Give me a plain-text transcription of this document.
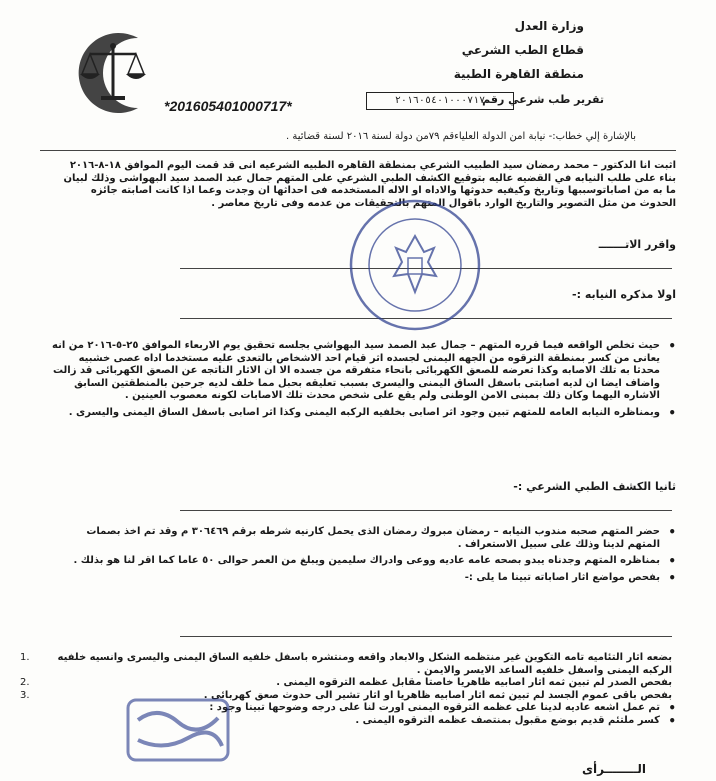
وزارة العدل
قطاع الطب الشرعي
منطقة القاهرة الطبية
٢٠١٦٠٥٤٠١٠٠٠٧١٧
تقرير طب شرعي رقم
*201605401000717*
بالإشارة إلي خطاب:- نيابة امن الدولة العلياءقم ٧٩من دولة لسنة ٢٠١٦ لسنة قضائية .
اثبت انا الدكتور – محمد رمضان سيد الطبيب الشرعي بمنطقة القاهره الطبيه الشرعيه انى قد قمت اليوم الموافق ١٨-٨-٢٠١٦ بناء على طلب النيابه في القضيه عاليه بتوقيع الكشف الطبي الشرعي على المتهم جمال عبد الصمد سيد البهواشى وذلك لبيان ما به من اصاباتوسببها وتاريخ وكيفيه حدوثها والاداه او الاله المستخدمه فى احداثها ان وجدت وعما اذا كانت اصابته جائزه الحدوث من مثل التصوير والتاريخ الوارد باقوال المتهم بالتحقيقات من عدمه وفى تاريخ معاصر .
واقرر الاتـــــــ
اولا مذكره النيابه :-
• حيث تخلص الواقعه فيما قرره المتهم – جمال عبد الصمد سيد البهواشي بجلسه تحقيق يوم الاربعاء الموافق ٢٥-٥-٢٠١٦ من انه يعانى من كسر بمنطقة الترقوه من الجهه اليمنى لجسده اثر قيام احد الاشخاص بالتعدى عليه مستخدما اداه عصى خشبيه محدثا به تلك الاصابه وكذا تعرضه للصعق الكهربائى بانحاء متفرقه من جسده الا ان الاثار الناتجه عن الصعق الكهربائى قد زالت واضاف ايضا ان لديه اصابتى باسفل الساق اليمنى واليسرى بسبب تعليقه بحبل مما خلف لديه جرحين بالمنطقتين السابق الاشاره اليهما وكان ذلك بمبنى الامن الوطنى ولم يقع على شخص محدث تلك الاصابات لكونه معصوب العينين .
• وبمناظره النيابه العامه للمتهم تبين وجود اثر اصابى بخلفيه الركبه اليمنى وكذا اثر اصابى باسفل الساق اليمنى واليسرى .
ثانيا الكشف الطبي الشرعي :-
• حضر المتهم صحبه مندوب النيابه – رمضان مبروك رمضان الذى يحمل كارنيه شرطه برقم ٣٠٦٤٦٩ م وقد تم اخذ بصمات المتهم لدينا وذلك على سبيل الاستعراف .
• بمناظره المتهم وجدناه يبدو بصحه عامه عاديه ووعى وادراك سليمين ويبلغ من العمر حوالى ٥٠ عاما كما اقر لنا هو بذلك .
• بفحص مواضع اثار اصاباته تبينا ما يلى :-
1.	بضعه اثار التئاميه تامه التكوين غير منتظمه الشكل والابعاد واقعه ومنتشره باسفل خلفيه الساق اليمنى واليسرى وانسيه خلفيه الركبه اليمنى واسفل خلفيه الساعد الايسر والايمن .
2.	بفحص الصدر لم تبين ثمه اثار اصابيه ظاهريا خاصتا مقابل عظمه الترقوه اليمنى .
3.	بفحص باقى عموم الجسد لم تبين ثمه اثار اصابيه ظاهريا او اثار تشير الى حدوث صعق كهربائى .
• تم عمل اشعه عاديه لدينا على عظمه الترقوه اليمنى اورت لنا على درجه وضوحها تبينا وجود :
• كسر ملتئم قديم بوضع مقبول بمنتصف عظمه الترقوه اليمنى .
الــــــــرأى
